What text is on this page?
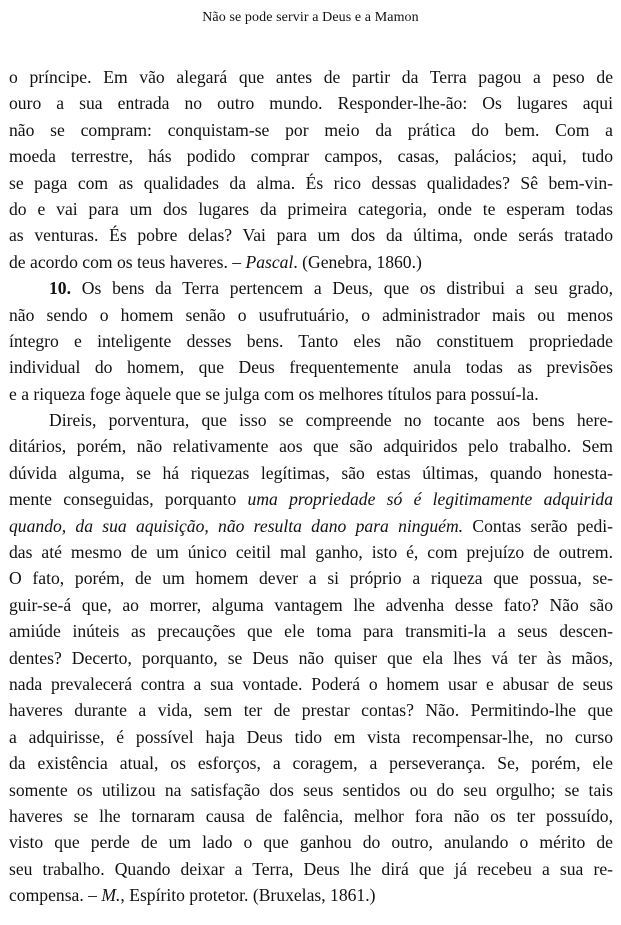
Não se pode servir a Deus e a Mamon
o príncipe. Em vão alegará que antes de partir da Terra pagou a peso de
ouro a sua entrada no outro mundo. Responder-lhe-ão: Os lugares aqui
não se compram: conquistam-se por meio da prática do bem. Com a
moeda terrestre, hás podido comprar campos, casas, palácios; aqui, tudo
se paga com as qualidades da alma. És rico dessas qualidades? Sê bem-vin-
do e vai para um dos lugares da primeira categoria, onde te esperam todas
as venturas. És pobre delas? Vai para um dos da última, onde serás tratado
de acordo com os teus haveres. – Pascal. (Genebra, 1860.)
10. Os bens da Terra pertencem a Deus, que os distribui a seu grado,
não sendo o homem senão o usufrutuário, o administrador mais ou menos
íntegro e inteligente desses bens. Tanto eles não constituem propriedade
individual do homem, que Deus frequentemente anula todas as previsões
e a riqueza foge àquele que se julga com os melhores títulos para possuí-la.
Direis, porventura, que isso se compreende no tocante aos bens here-
ditários, porém, não relativamente aos que são adquiridos pelo trabalho. Sem
dúvida alguma, se há riquezas legítimas, são estas últimas, quando honesta-
mente conseguidas, porquanto uma propriedade só é legitimamente adquirida
quando, da sua aquisição, não resulta dano para ninguém. Contas serão pedi-
das até mesmo de um único ceitil mal ganho, isto é, com prejuízo de outrem.
O fato, porém, de um homem dever a si próprio a riqueza que possua, se-
guir-se-á que, ao morrer, alguma vantagem lhe advenha desse fato? Não são
amiúde inúteis as precauções que ele toma para transmiti-la a seus descen-
dentes? Decerto, porquanto, se Deus não quiser que ela lhes vá ter às mãos,
nada prevalecerá contra a sua vontade. Poderá o homem usar e abusar de seus
haveres durante a vida, sem ter de prestar contas? Não. Permitindo-lhe que
a adquirisse, é possível haja Deus tido em vista recompensar-lhe, no curso
da existência atual, os esforços, a coragem, a perseverança. Se, porém, ele
somente os utilizou na satisfação dos seus sentidos ou do seu orgulho; se tais
haveres se lhe tornaram causa de falência, melhor fora não os ter possuído,
visto que perde de um lado o que ganhou do outro, anulando o mérito de
seu trabalho. Quando deixar a Terra, Deus lhe dirá que já recebeu a sua re-
compensa. – M., Espírito protetor. (Bruxelas, 1861.)
